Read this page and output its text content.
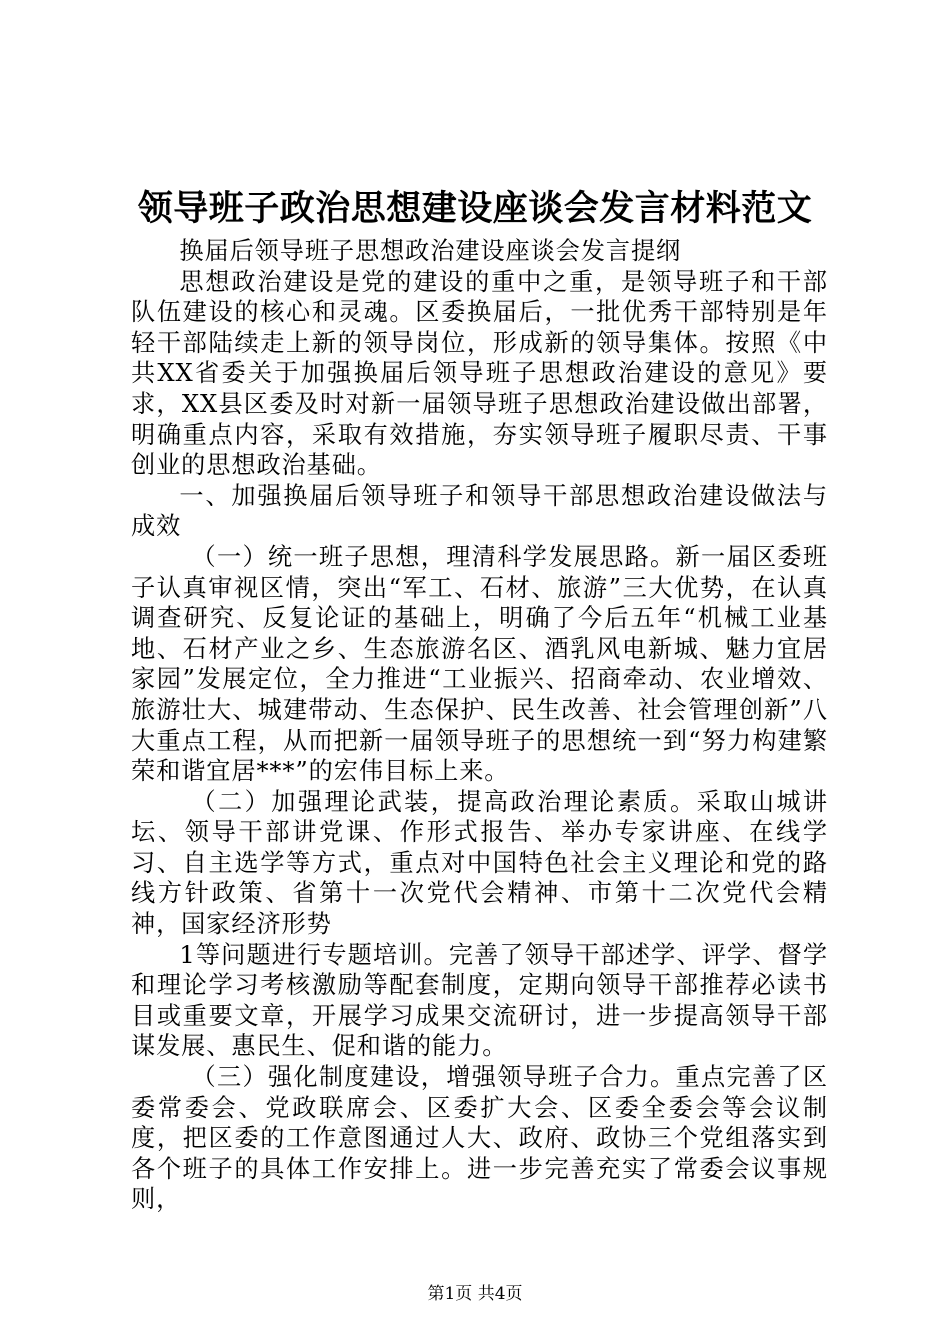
领导班子政治思想建设座谈会发言材料范文

换届后领导班子思想政治建设座谈会发言提纲

思想政治建设是党的建设的重中之重，是领导班子和干部队伍建设的核心和灵魂。区委换届后，一批优秀干部特别是年轻干部陆续走上新的领导岗位，形成新的领导集体。按照《中共XX省委关于加强换届后领导班子思想政治建设的意见》要求，XX县区委及时对新一届领导班子思想政治建设做出部署，明确重点内容，采取有效措施，夯实领导班子履职尽责、干事创业的思想政治基础。

一、加强换届后领导班子和领导干部思想政治建设做法与成效

（一）统一班子思想，理清科学发展思路。新一届区委班子认真审视区情，突出“军工、石材、旅游”三大优势，在认真调查研究、反复论证的基础上，明确了今后五年“机械工业基地、石材产业之乡、生态旅游名区、酒乳风电新城、魅力宜居家园”发展定位，全力推进“工业振兴、招商牵动、农业增效、旅游壮大、城建带动、生态保护、民生改善、社会管理创新”八大重点工程，从而把新一届领导班子的思想统一到“努力构建繁荣和谐宜居***”的宏伟目标上来。

（二）加强理论武装，提高政治理论素质。采取山城讲坛、领导干部讲党课、作形式报告、举办专家讲座、在线学习、自主选学等方式，重点对中国特色社会主义理论和党的路线方针政策、省第十一次党代会精神、市第十二次党代会精神，国家经济形势

1等问题进行专题培训。完善了领导干部述学、评学、督学和理论学习考核激励等配套制度，定期向领导干部推荐必读书目或重要文章，开展学习成果交流研讨，进一步提高领导干部谋发展、惠民生、促和谐的能力。

（三）强化制度建设，增强领导班子合力。重点完善了区委常委会、党政联席会、区委扩大会、区委全委会等会议制度，把区委的工作意图通过人大、政府、政协三个党组落实到各个班子的具体工作安排上。进一步完善充实了常委会议事规则，

第1页 共4页
